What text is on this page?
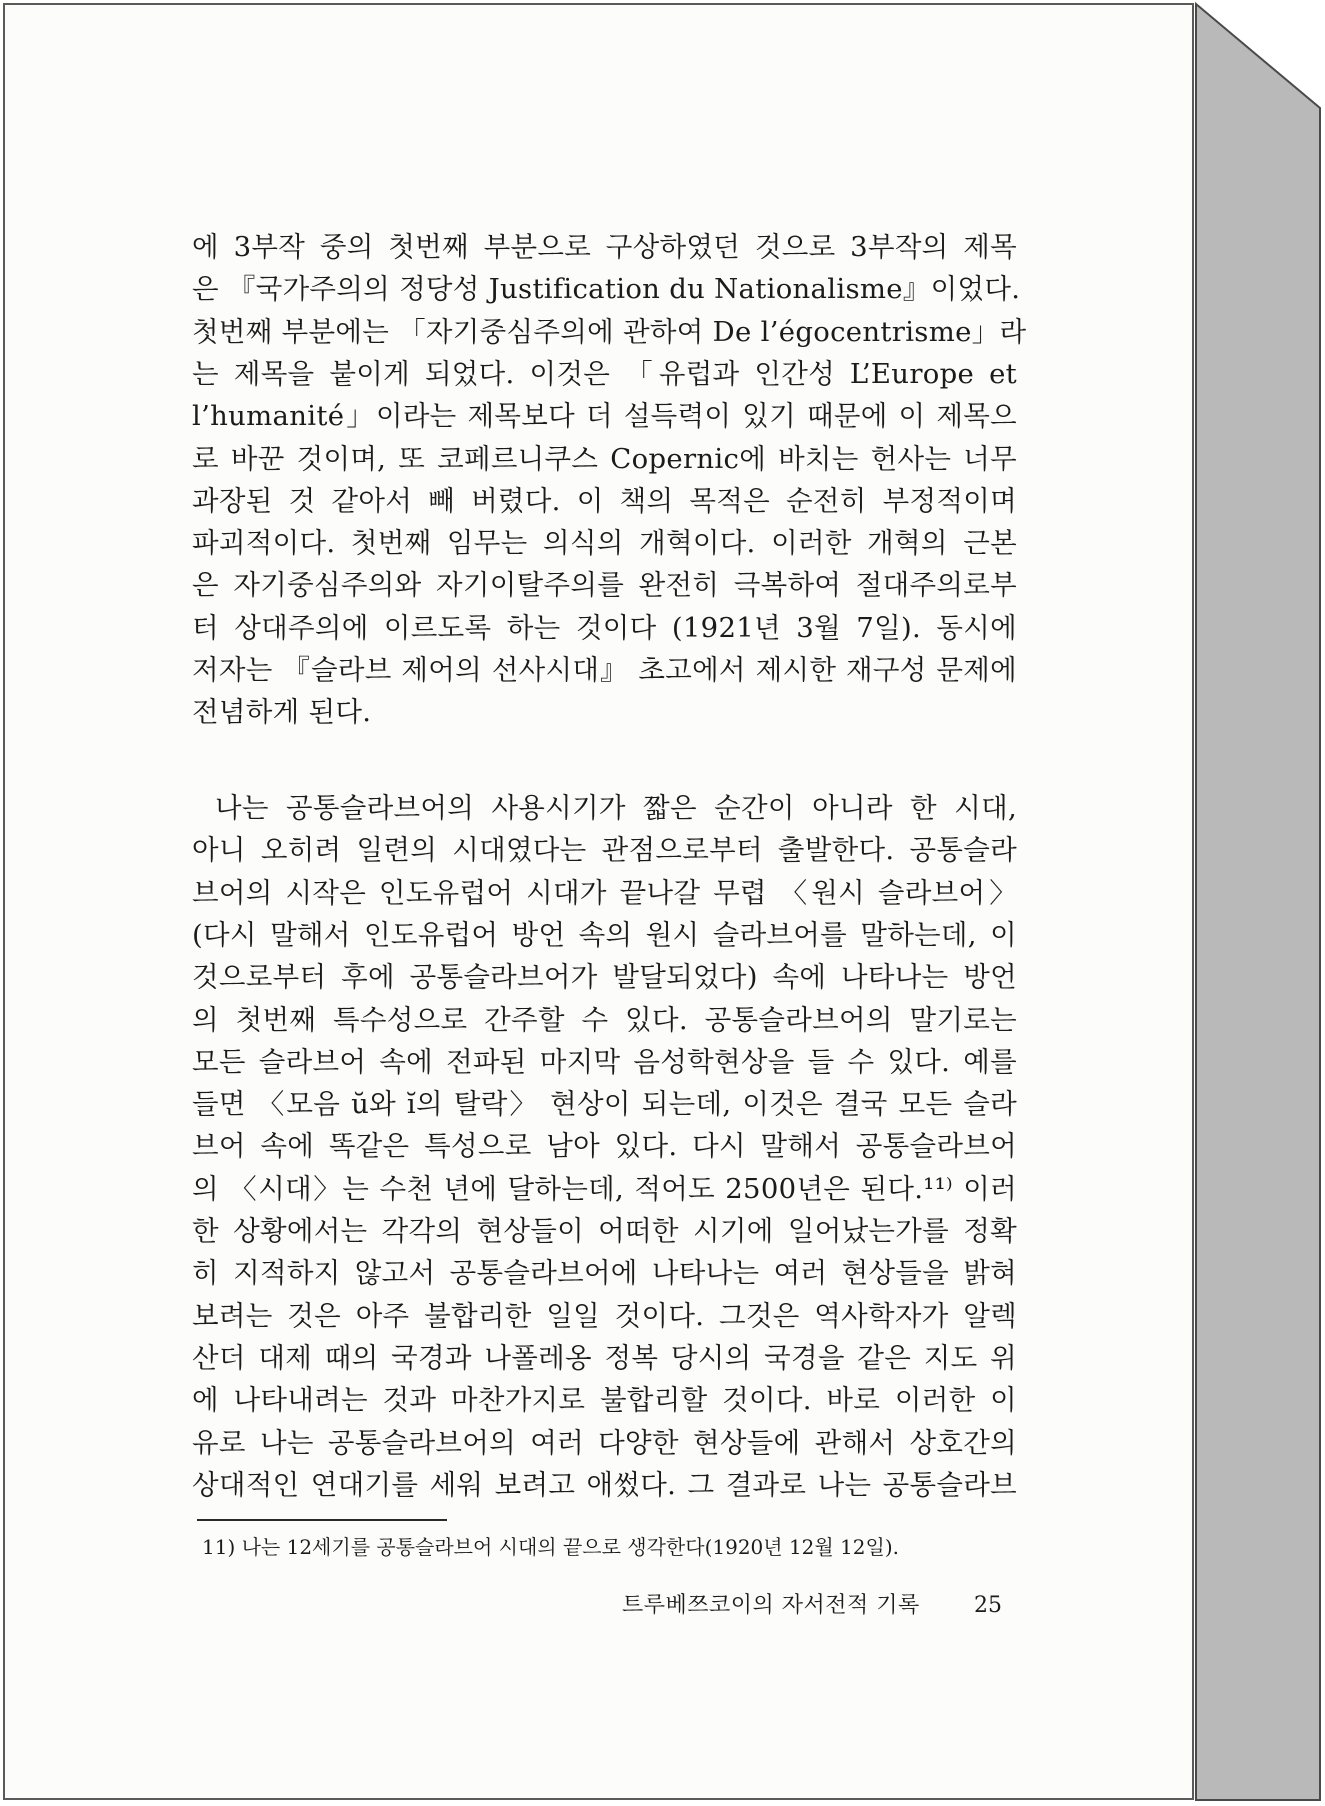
에 3부작 중의 첫번째 부분으로 구상하였던 것으로 3부작의 제목
은 『국가주의의 정당성 Justification du Nationalisme』이었다.
첫번째 부분에는 「자기중심주의에 관하여 De l’égocentrisme」라
는 제목을 붙이게 되었다. 이것은 「유럽과 인간성 L’Europe et
l’humanité」이라는 제목보다 더 설득력이 있기 때문에 이 제목으
로 바꾼 것이며, 또 코페르니쿠스 Copernic에 바치는 헌사는 너무
과장된 것 같아서 빼 버렸다. 이 책의 목적은 순전히 부정적이며
파괴적이다. 첫번째 임무는 의식의 개혁이다. 이러한 개혁의 근본
은 자기중심주의와 자기이탈주의를 완전히 극복하여 절대주의로부
터 상대주의에 이르도록 하는 것이다 (1921년 3월 7일). 동시에
저자는 『슬라브 제어의 선사시대』 초고에서 제시한 재구성 문제에
전념하게 된다.
나는 공통슬라브어의 사용시기가 짧은 순간이 아니라 한 시대,
아니 오히려 일련의 시대였다는 관점으로부터 출발한다. 공통슬라
브어의 시작은 인도유럽어 시대가 끝나갈 무렵 〈원시 슬라브어〉
(다시 말해서 인도유럽어 방언 속의 원시 슬라브어를 말하는데, 이
것으로부터 후에 공통슬라브어가 발달되었다) 속에 나타나는 방언
의 첫번째 특수성으로 간주할 수 있다. 공통슬라브어의 말기로는
모든 슬라브어 속에 전파된 마지막 음성학현상을 들 수 있다. 예를
들면 〈모음 ŭ와 ĭ의 탈락〉 현상이 되는데, 이것은 결국 모든 슬라
브어 속에 똑같은 특성으로 남아 있다. 다시 말해서 공통슬라브어
의 〈시대〉는 수천 년에 달하는데, 적어도 2500년은 된다.¹¹⁾ 이러
한 상황에서는 각각의 현상들이 어떠한 시기에 일어났는가를 정확
히 지적하지 않고서 공통슬라브어에 나타나는 여러 현상들을 밝혀
보려는 것은 아주 불합리한 일일 것이다. 그것은 역사학자가 알렉
산더 대제 때의 국경과 나폴레옹 정복 당시의 국경을 같은 지도 위
에 나타내려는 것과 마찬가지로 불합리할 것이다. 바로 이러한 이
유로 나는 공통슬라브어의 여러 다양한 현상들에 관해서 상호간의
상대적인 연대기를 세워 보려고 애썼다. 그 결과로 나는 공통슬라브
11) 나는 12세기를 공통슬라브어 시대의 끝으로 생각한다(1920년 12월 12일).
트루베쯔코이의 자서전적 기록 25
